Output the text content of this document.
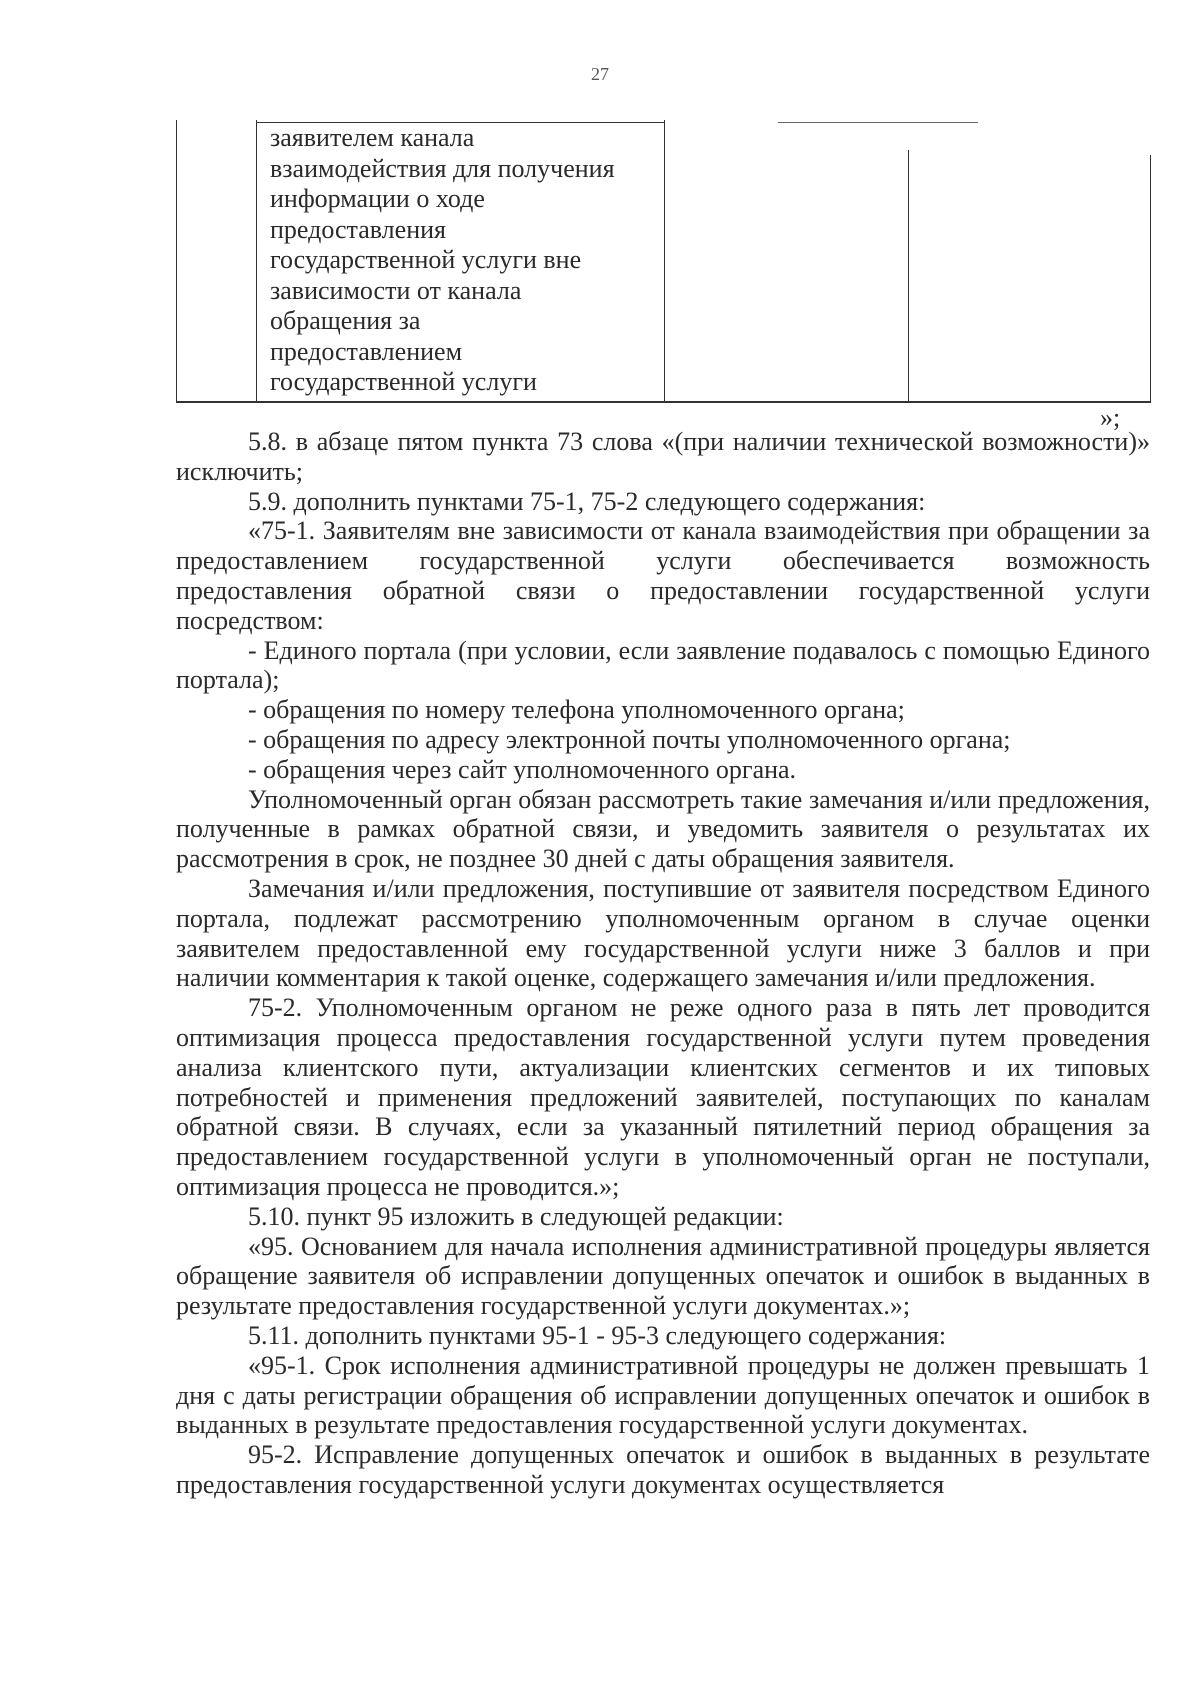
27
заявителем канала
взаимодействия для получения
информации о ходе
предоставления
государственной услуги вне
зависимости от канала
обращения за
предоставлением
государственной услуги
»;

5.8. в абзаце пятом пункта 73 слова «(при наличии технической возможности)» исключить;

5.9. дополнить пунктами 75-1, 75-2 следующего содержания:

«75-1. Заявителям вне зависимости от канала взаимодействия при обращении за предоставлением государственной услуги обеспечивается возможность предоставления обратной связи о предоставлении государственной услуги посредством:

- Единого портала (при условии, если заявление подавалось с помощью Единого портала);

- обращения по номеру телефона уполномоченного органа;

- обращения по адресу электронной почты уполномоченного органа;

- обращения через сайт уполномоченного органа.

Уполномоченный орган обязан рассмотреть такие замечания и/или предложения, полученные в рамках обратной связи, и уведомить заявителя о результатах их рассмотрения в срок, не позднее 30 дней с даты обращения заявителя.

Замечания и/или предложения, поступившие от заявителя посредством Единого портала, подлежат рассмотрению уполномоченным органом в случае оценки заявителем предоставленной ему государственной услуги ниже 3 баллов и при наличии комментария к такой оценке, содержащего замечания и/или предложения.

75-2. Уполномоченным органом не реже одного раза в пять лет проводится оптимизация процесса предоставления государственной услуги путем проведения анализа клиентского пути, актуализации клиентских сегментов и их типовых потребностей и применения предложений заявителей, поступающих по каналам обратной связи. В случаях, если за указанный пятилетний период обращения за предоставлением государственной услуги в уполномоченный орган не поступали, оптимизация процесса не проводится.»;

5.10. пункт 95 изложить в следующей редакции:

«95. Основанием для начала исполнения административной процедуры является обращение заявителя об исправлении допущенных опечаток и ошибок в выданных в результате предоставления государственной услуги документах.»;

5.11. дополнить пунктами 95-1 - 95-3 следующего содержания:

«95-1. Срок исполнения административной процедуры не должен превышать 1 дня с даты регистрации обращения об исправлении допущенных опечаток и ошибок в выданных в результате предоставления государственной услуги документах.

95-2. Исправление допущенных опечаток и ошибок в выданных в результате предоставления государственной услуги документах осуществляется
